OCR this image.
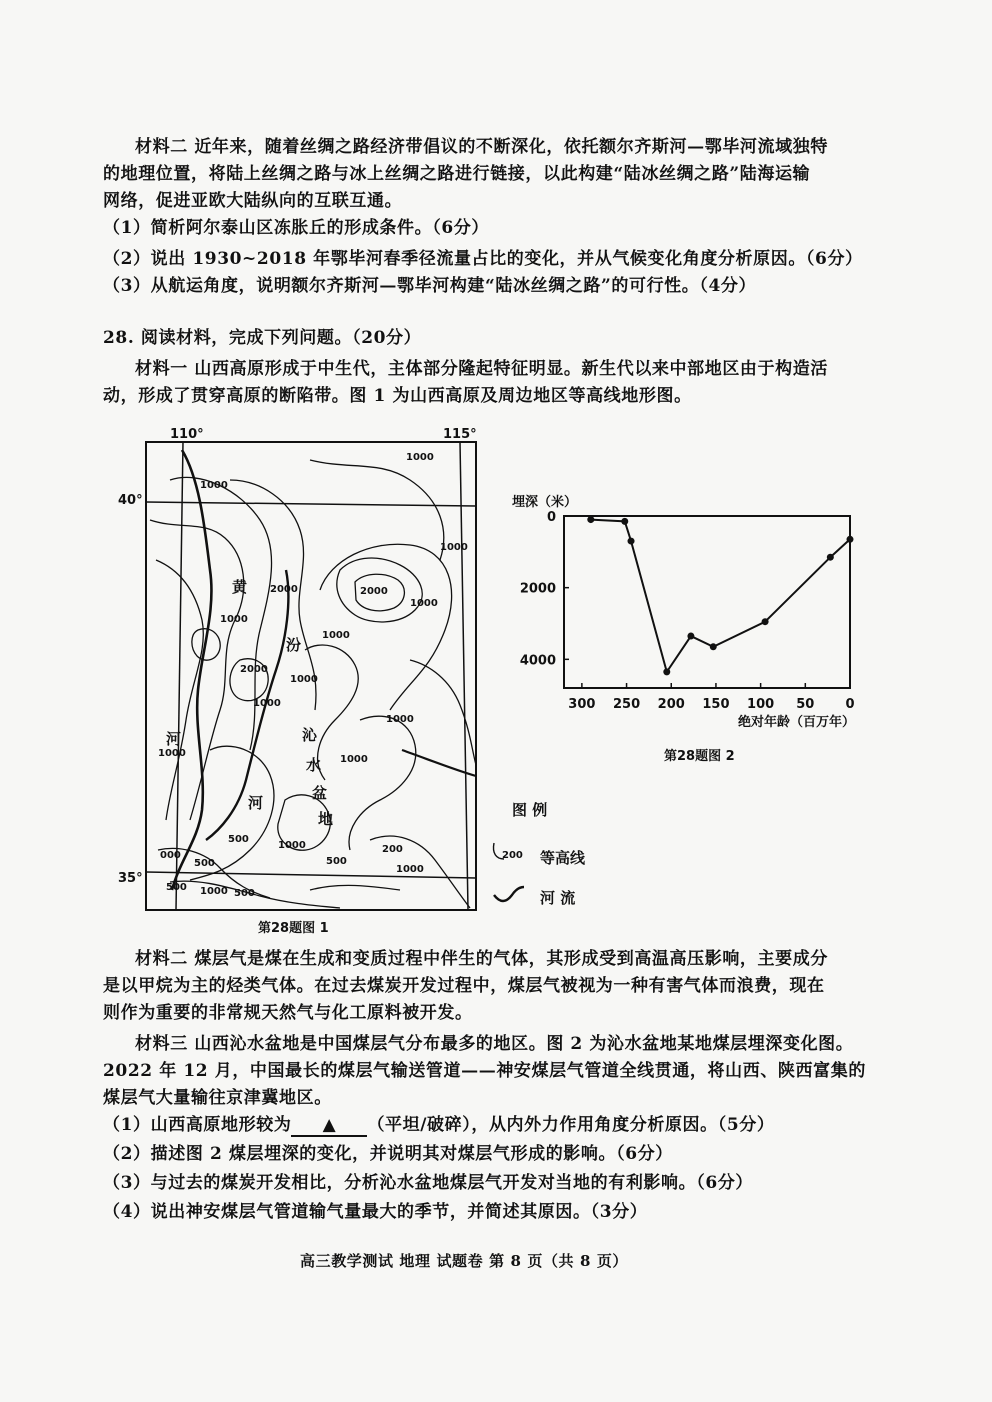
材料二 近年来，随着丝绸之路经济带倡议的不断深化，依托额尔齐斯河—鄂毕河流域独特
的地理位置，将陆上丝绸之路与冰上丝绸之路进行链接，以此构建“陆冰丝绸之路”陆海运输
网络，促进亚欧大陆纵向的互联互通。
（1）简析阿尔泰山区冻胀丘的形成条件。（6分）
（2）说出 1930~2018 年鄂毕河春季径流量占比的变化，并从气候变化角度分析原因。（6分）
（3）从航运角度，说明额尔齐斯河—鄂毕河构建“陆冰丝绸之路”的可行性。（4分）
28. 阅读材料，完成下列问题。（20分）
材料一 山西高原形成于中生代，主体部分隆起特征明显。新生代以来中部地区由于构造活
动，形成了贯穿高原的断陷带。图 1 为山西高原及周边地区等高线地形图。
110°	115°
40°
35°
1000
1000
1000
2000	2000
1000
1000
2000
1000
1000
1000
1000
000
500
500
1000
500
200
500
1000
500
1000
1000
1000
黄
河
河
汾
沁
水
盆
地
第28题图 1
埋深（米）
300 250 200 150 100 50 0
0
2000
4000
绝对年龄（百万年）
第28题图 2
图 例
200 等高线
河 流
材料二 煤层气是煤在生成和变质过程中伴生的气体，其形成受到高温高压影响，主要成分
是以甲烷为主的烃类气体。在过去煤炭开发过程中，煤层气被视为一种有害气体而浪费，现在
则作为重要的非常规天然气与化工原料被开发。
材料三 山西沁水盆地是中国煤层气分布最多的地区。图 2 为沁水盆地某地煤层埋深变化图。
2022 年 12 月，中国最长的煤层气输送管道——神安煤层气管道全线贯通，将山西、陕西富集的
煤层气大量输往京津冀地区。
（1）山西高原地形较为 ▲ （平坦/破碎），从内外力作用角度分析原因。（5分）
（2）描述图 2 煤层埋深的变化，并说明其对煤层气形成的影响。（6分）
（3）与过去的煤炭开发相比，分析沁水盆地煤层气开发对当地的有利影响。（6分）
（4）说出神安煤层气管道输气量最大的季节，并简述其原因。（3分）
高三教学测试 地理 试题卷 第 8 页（共 8 页）
